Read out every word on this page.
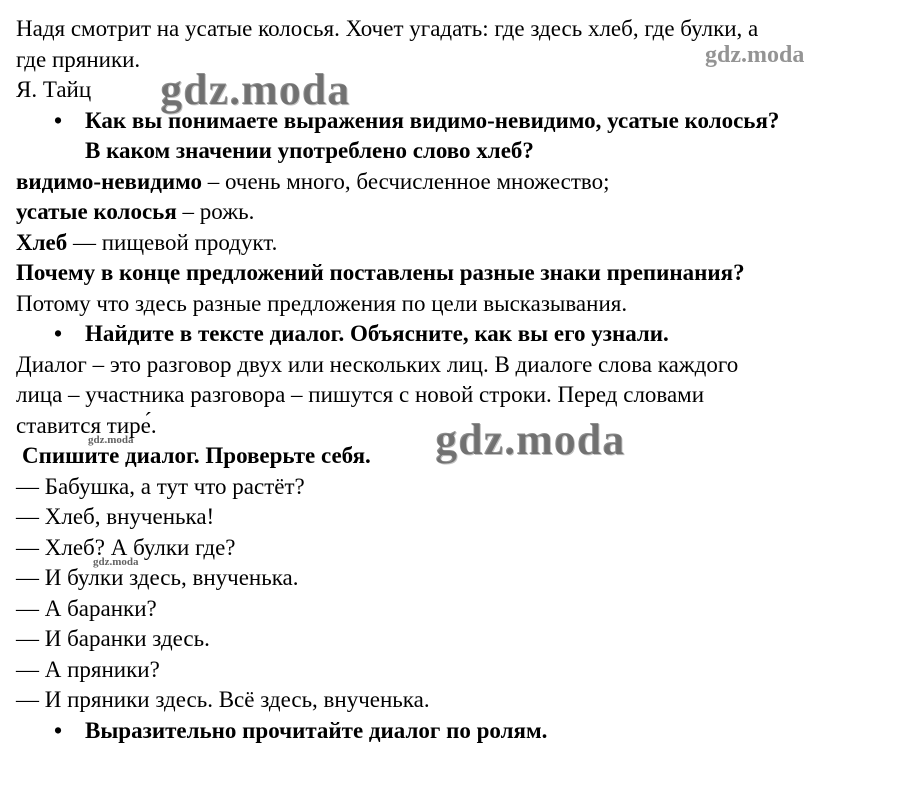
Надя смотрит на усатые колосья. Хочет угадать: где здесь хлеб, где булки, а
где пряники.
Я. Тайц
• Как вы понимаете выражения видимо-невидимо, усатые колосья?
В каком значении употреблено слово хлеб?
видимо-невидимо – очень много, бесчисленное множество;
усатые колосья – рожь.
Хлеб — пищевой продукт.
Почему в конце предложений поставлены разные знаки препинания?
Потому что здесь разные предложения по цели высказывания.
• Найдите в тексте диалог. Объясните, как вы его узнали.
Диалог – это разговор двух или нескольких лиц. В диалоге слова каждого
лица – участника разговора – пишутся с новой строки. Перед словами
ставится тире́.
Спишите диалог. Проверьте себя.
— Бабушка, а тут что растёт?
— Хлеб, внученька!
— Хлеб? А булки где?
— И булки здесь, внученька.
— А баранки?
— И баранки здесь.
— А пряники?
— И пряники здесь. Всё здесь, внученька.
• Выразительно прочитайте диалог по ролям.
gdz.moda
gdz.moda
gdz.moda
gdz.moda
gdz.moda
